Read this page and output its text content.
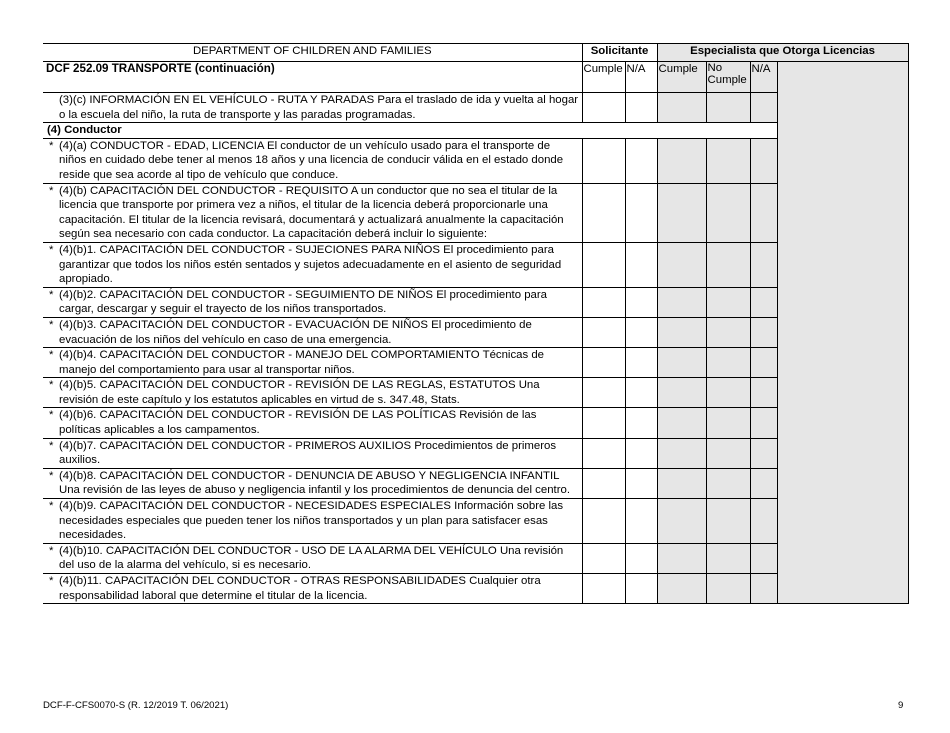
DEPARTMENT OF CHILDREN AND FAMILIES	Solicitante		Especialista que Otorga Licencias			
DCF 252.09 TRANSPORTE (continuación)	Cumple	N/A	Cumple	No Cumple	N/A	

(3)(c) INFORMACIÓN EN EL VEHÍCULO - RUTA Y PARADAS Para el traslado de ida y vuelta al hogar o la escuela del niño, la ruta de transporte y las paradas programadas.						

(4) Conductor						

* (4)(a) CONDUCTOR - EDAD, LICENCIA El conductor de un vehículo usado para el transporte de niños en cuidado debe tener al menos 18 años y una licencia de conducir válida en el estado donde reside que sea acorde al tipo de vehículo que conduce.						

* (4)(b) CAPACITACIÓN DEL CONDUCTOR - REQUISITO A un conductor que no sea el titular de la licencia que transporte por primera vez a niños, el titular de la licencia deberá proporcionarle una capacitación. El titular de la licencia revisará, documentará y actualizará anualmente la capacitación según sea necesario con cada conductor. La capacitación deberá incluir lo siguiente:						

* (4)(b)1. CAPACITACIÓN DEL CONDUCTOR - SUJECIONES PARA NIÑOS El procedimiento para garantizar que todos los niños estén sentados y sujetos adecuadamente en el asiento de seguridad apropiado.						

* (4)(b)2. CAPACITACIÓN DEL CONDUCTOR - SEGUIMIENTO DE NIÑOS El procedimiento para cargar, descargar y seguir el trayecto de los niños transportados.						

* (4)(b)3. CAPACITACIÓN DEL CONDUCTOR - EVACUACIÓN DE NIÑOS El procedimiento de evacuación de los niños del vehículo en caso de una emergencia.						

* (4)(b)4. CAPACITACIÓN DEL CONDUCTOR - MANEJO DEL COMPORTAMIENTO Técnicas de manejo del comportamiento para usar al transportar niños.						

* (4)(b)5. CAPACITACIÓN DEL CONDUCTOR - REVISIÓN DE LAS REGLAS, ESTATUTOS Una revisión de este capítulo y los estatutos aplicables en virtud de s. 347.48, Stats.						

* (4)(b)6. CAPACITACIÓN DEL CONDUCTOR - REVISIÓN DE LAS POLÍTICAS Revisión de las políticas aplicables a los campamentos.						

* (4)(b)7. CAPACITACIÓN DEL CONDUCTOR - PRIMEROS AUXILIOS Procedimientos de primeros auxilios.						

* (4)(b)8. CAPACITACIÓN DEL CONDUCTOR - DENUNCIA DE ABUSO Y NEGLIGENCIA INFANTIL Una revisión de las leyes de abuso y negligencia infantil y los procedimientos de denuncia del centro.						

* (4)(b)9. CAPACITACIÓN DEL CONDUCTOR - NECESIDADES ESPECIALES Información sobre las necesidades especiales que pueden tener los niños transportados y un plan para satisfacer esas necesidades.						

* (4)(b)10. CAPACITACIÓN DEL CONDUCTOR - USO DE LA ALARMA DEL VEHÍCULO Una revisión del uso de la alarma del vehículo, si es necesario.						

* (4)(b)11. CAPACITACIÓN DEL CONDUCTOR - OTRAS RESPONSABILIDADES Cualquier otra responsabilidad laboral que determine el titular de la licencia.						

DCF-F-CFS0070-S (R. 12/2019 T. 06/2021)	9
